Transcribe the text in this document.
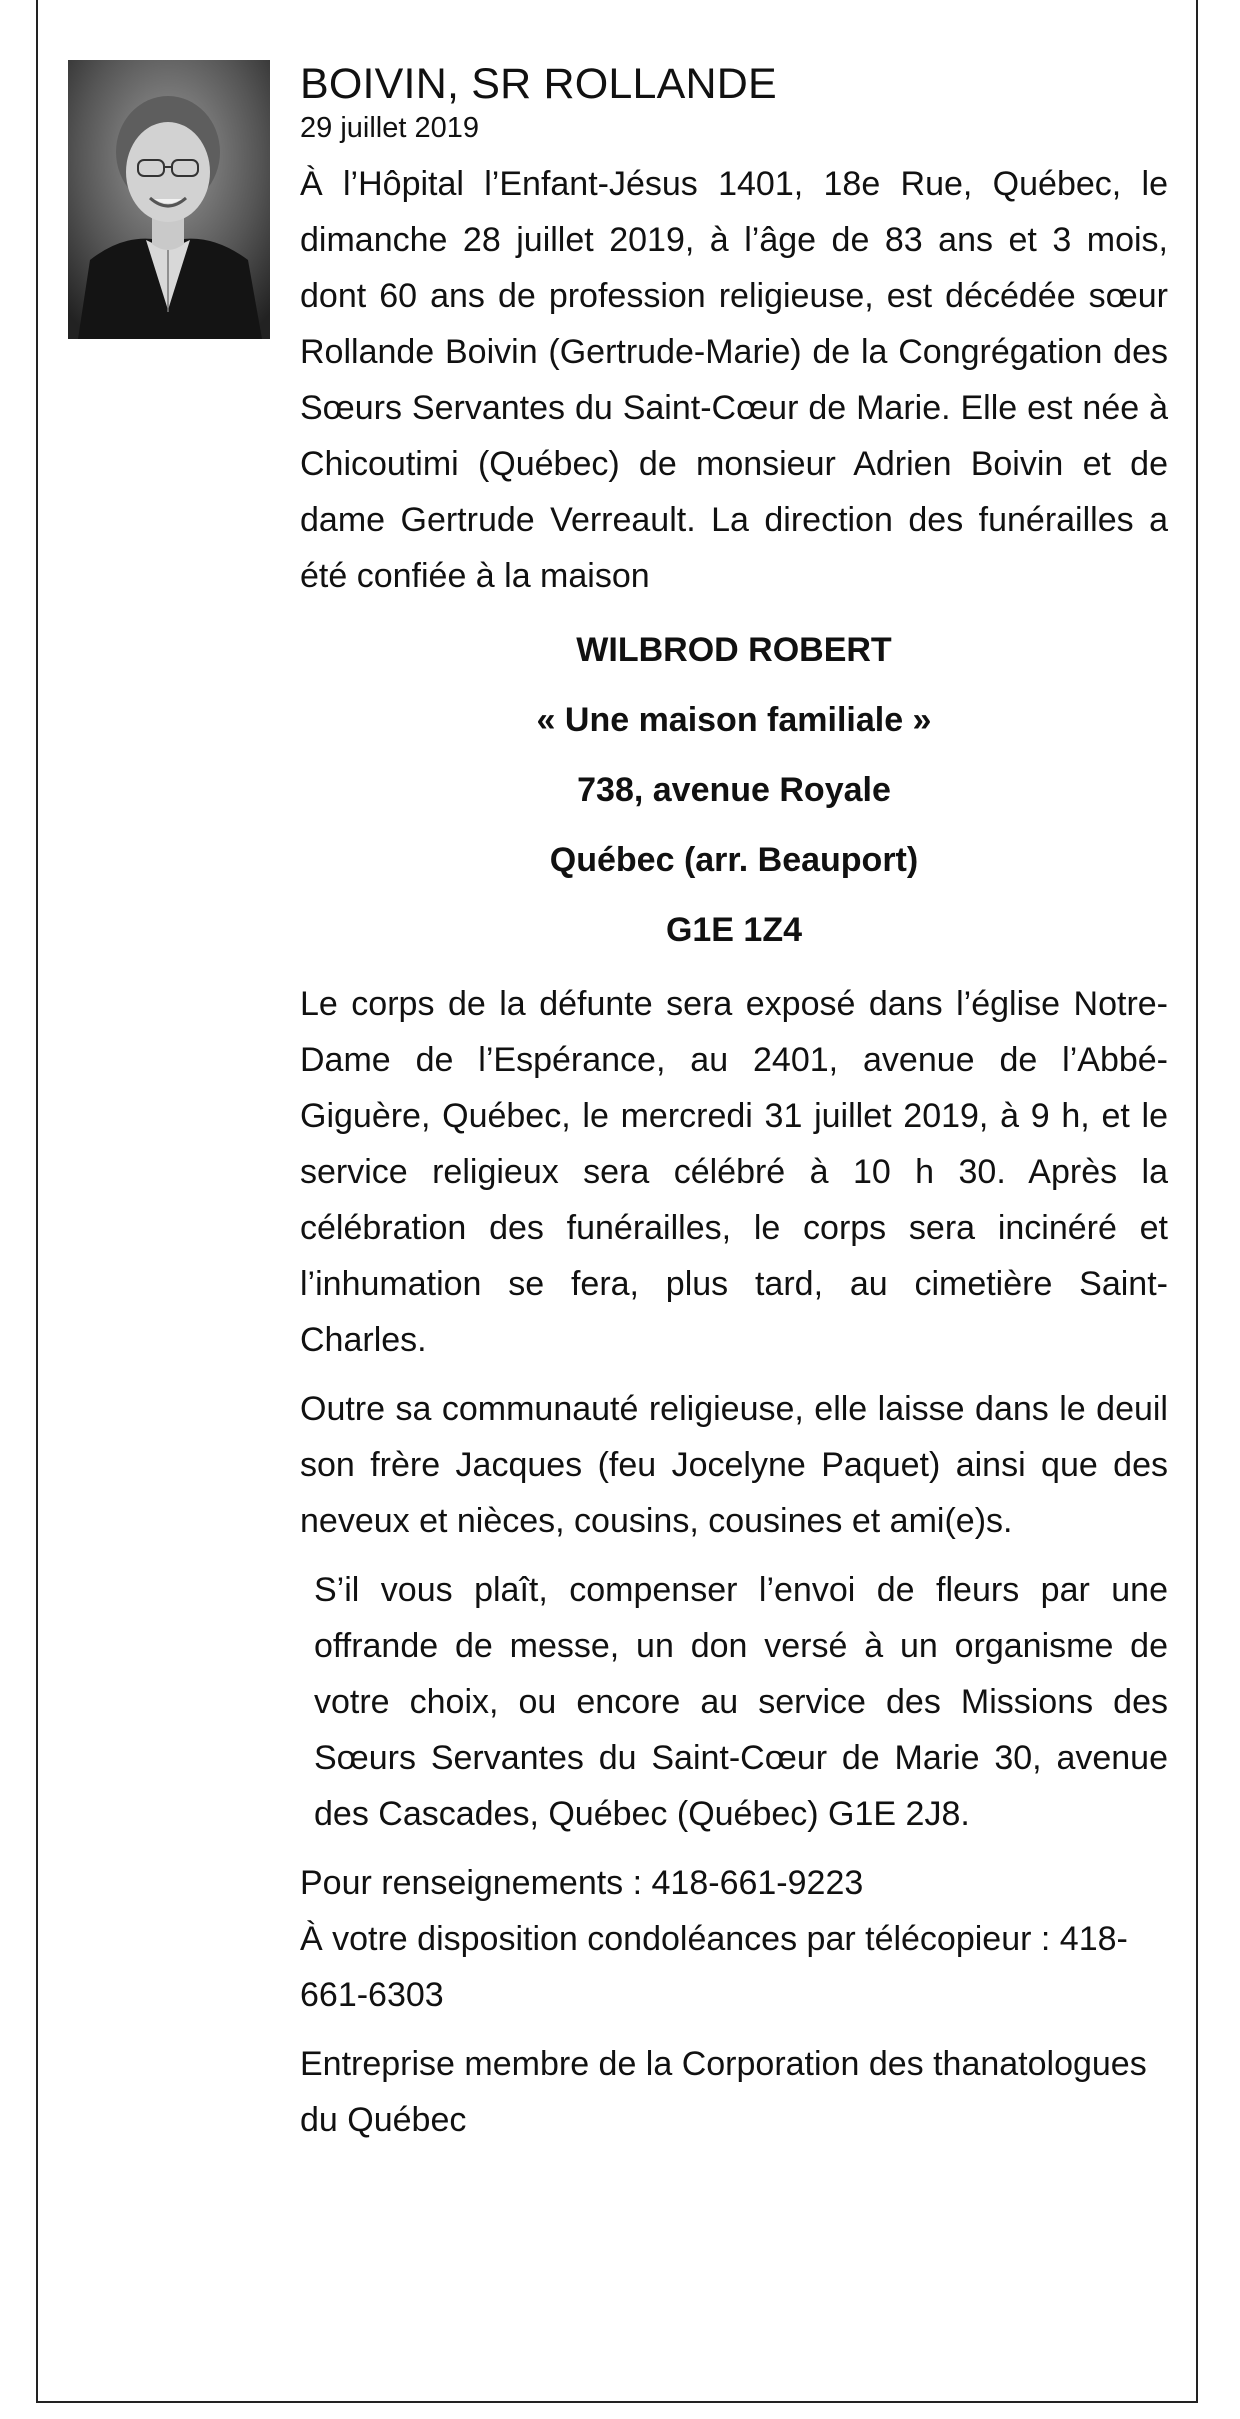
BOIVIN, SR ROLLANDE
29 juillet 2019

À l’Hôpital l’Enfant-Jésus 1401, 18e Rue, Québec, le dimanche 28 juillet 2019, à l’âge de 83 ans et 3 mois, dont 60 ans de profession religieuse, est décédée sœur Rollande Boivin (Gertrude-Marie) de la Congrégation des Sœurs Servantes du Saint-Cœur de Marie. Elle est née à Chicoutimi (Québec) de monsieur Adrien Boivin et de dame Gertrude Verreault. La direction des funérailles a été confiée à la maison

WILBROD ROBERT
« Une maison familiale »
738, avenue Royale
Québec (arr. Beauport)
G1E 1Z4

Le corps de la défunte sera exposé dans l’église Notre-Dame de l’Espérance, au 2401, avenue de l’Abbé-Giguère, Québec, le mercredi 31 juillet 2019, à 9 h, et le service religieux sera célébré à 10 h 30. Après la célébration des funérailles, le corps sera incinéré et l’inhumation se fera, plus tard, au cimetière Saint-Charles.

Outre sa communauté religieuse, elle laisse dans le deuil son frère Jacques (feu Jocelyne Paquet) ainsi que des neveux et nièces, cousins, cousines et ami(e)s.

S’il vous plaît, compenser l’envoi de fleurs par une offrande de messe, un don versé à un organisme de votre choix, ou encore au service des Missions des Sœurs Servantes du Saint-Cœur de Marie 30, avenue des Cascades, Québec (Québec) G1E 2J8.

Pour renseignements : 418-661-9223

À votre disposition condoléances par télécopieur : 418-661-6303

Entreprise membre de la Corporation des thanatologues du Québec
